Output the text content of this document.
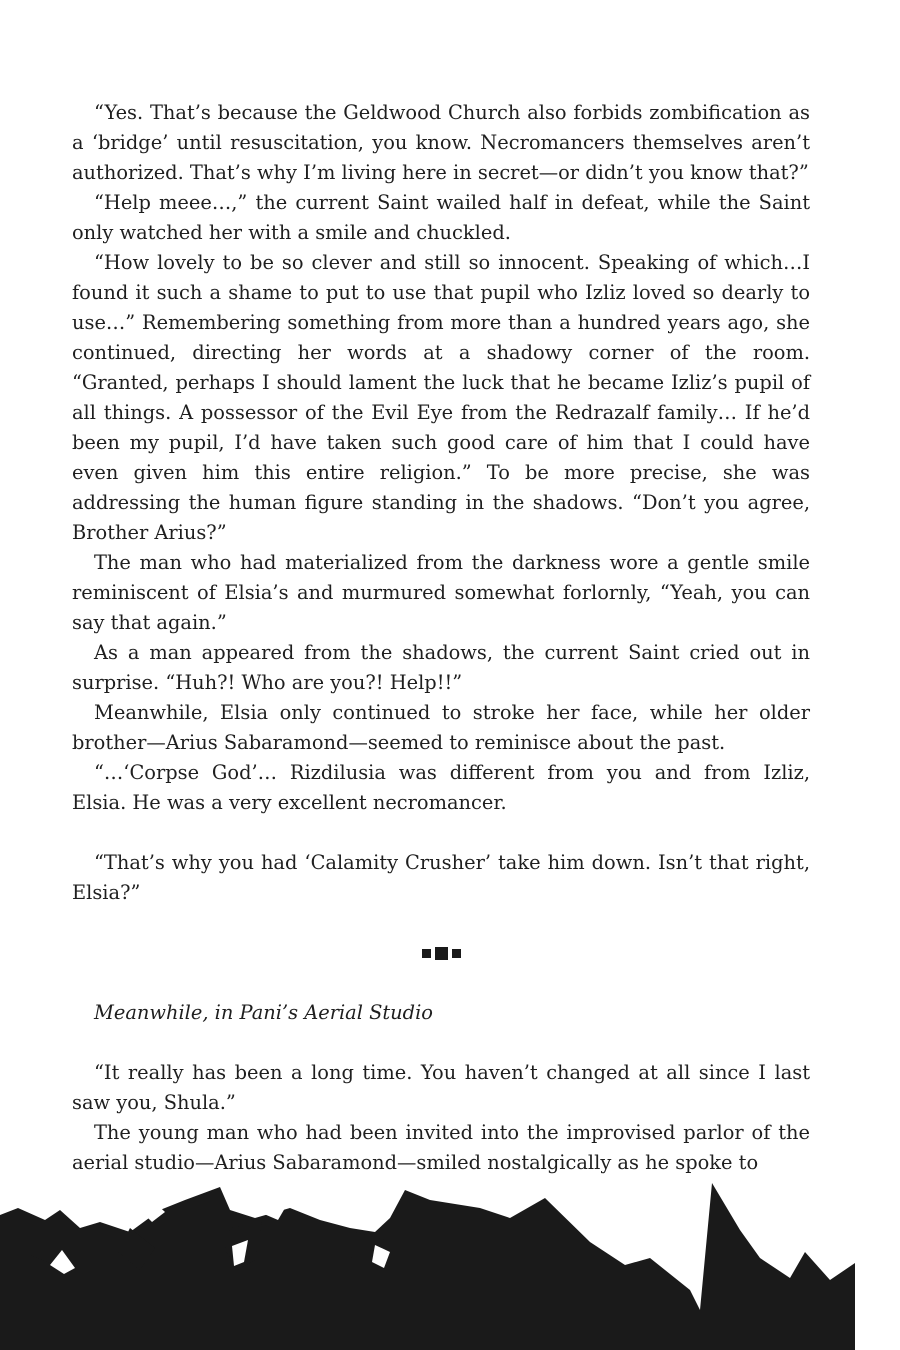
“Yes. That’s because the Geldwood Church also forbids zombification as a ‘bridge’ until resuscitation, you know. Necromancers themselves aren’t authorized. That’s why I’m living here in secret—or didn’t you know that?”

“Help meee…,” the current Saint wailed half in defeat, while the Saint only watched her with a smile and chuckled.

“How lovely to be so clever and still so innocent. Speaking of which…I found it such a shame to put to use that pupil who Izliz loved so dearly to use…” Remembering something from more than a hundred years ago, she continued, directing her words at a shadowy corner of the room. “Granted, perhaps I should lament the luck that he became Izliz’s pupil of all things. A possessor of the Evil Eye from the Redrazalf family… If he’d been my pupil, I’d have taken such good care of him that I could have even given him this entire religion.” To be more precise, she was addressing the human figure standing in the shadows. “Don’t you agree, Brother Arius?”

The man who had materialized from the darkness wore a gentle smile reminiscent of Elsia’s and murmured somewhat forlornly, “Yeah, you can say that again.”

As a man appeared from the shadows, the current Saint cried out in surprise. “Huh?! Who are you?! Help!!”

Meanwhile, Elsia only continued to stroke her face, while her older brother—Arius Sabaramond—seemed to reminisce about the past.

“…‘Corpse God’… Rizdilusia was different from you and from Izliz, Elsia. He was a very excellent necromancer.

“That’s why you had ‘Calamity Crusher’ take him down. Isn’t that right, Elsia?”

Meanwhile, in Pani’s Aerial Studio

“It really has been a long time. You haven’t changed at all since I last saw you, Shula.”

The young man who had been invited into the improvised parlor of the aerial studio—Arius Sabaramond—smiled nostalgically as he spoke to
